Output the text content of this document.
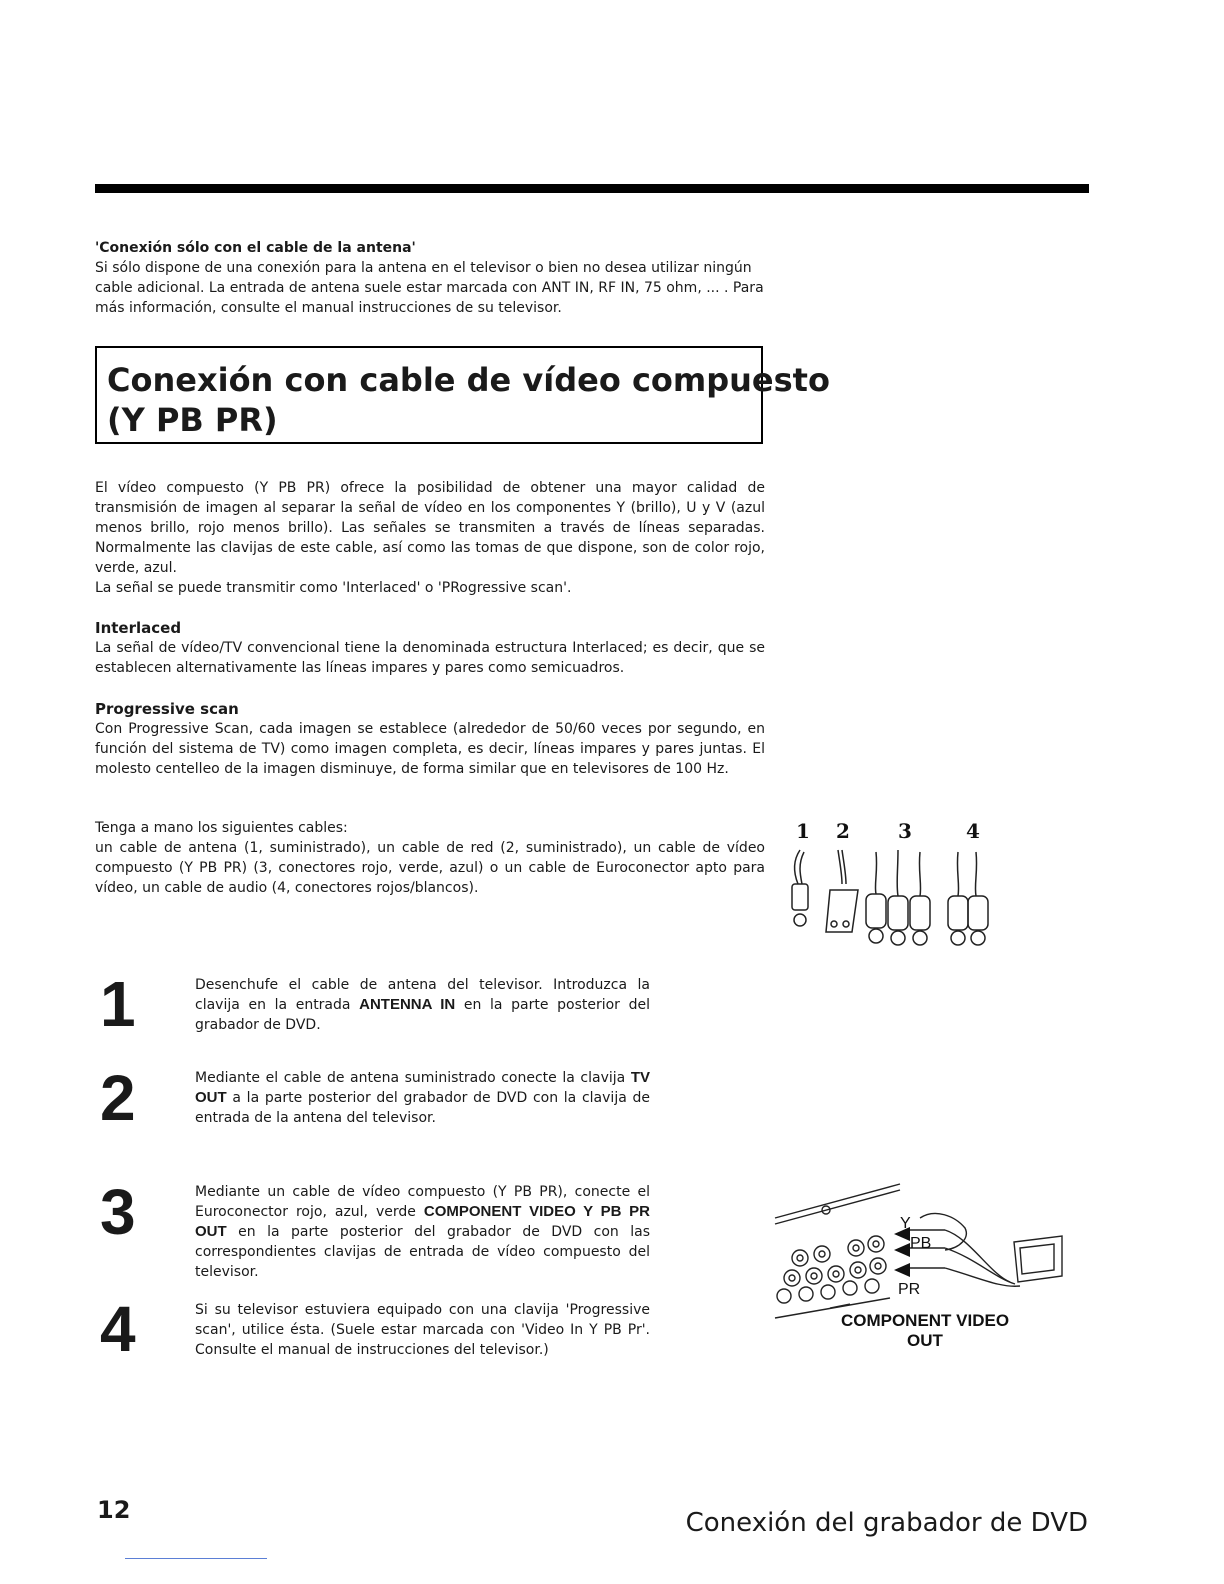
'Conexión sólo con el cable de la antena'
Si sólo dispone de una conexión para la antena en el televisor o bien no desea utilizar ningún cable adicional. La entrada de antena suele estar marcada con ANT IN, RF IN, 75 ohm, ... . Para más información, consulte el manual instrucciones de su televisor.
Conexión con cable de vídeo compuesto
(Y PB PR)
El vídeo compuesto (Y PB PR) ofrece la posibilidad de obtener una mayor calidad de transmisión de imagen al separar la señal de vídeo en los componentes Y (brillo), U y V (azul menos brillo, rojo menos brillo). Las señales se transmiten a través de líneas separadas. Normalmente las clavijas de este cable, así como las tomas de que dispone, son de color rojo, verde, azul.
La señal se puede transmitir como 'Interlaced' o 'PRogressive scan'.
Interlaced
La señal de vídeo/TV convencional tiene la denominada estructura Interlaced; es decir, que se establecen alternativamente las líneas impares y pares como semicuadros.
Progressive scan
Con Progressive Scan, cada imagen se establece (alrededor de 50/60 veces por segundo, en función del sistema de TV) como imagen completa, es decir, líneas impares y pares juntas. El molesto centelleo de la imagen disminuye, de forma similar que en televisores de 100 Hz.
Tenga a mano los siguientes cables:
un cable de antena (1, suministrado), un cable de red (2, suministrado), un cable de vídeo compuesto (Y PB PR) (3, conectores rojo, verde, azul) o un cable de Euroconector apto para vídeo, un cable de audio (4, conectores rojos/blancos).
1 2 3	4
1	Desenchufe el cable de antena del televisor. Introduzca la clavija en la entrada ANTENNA IN en la parte posterior del grabador de DVD.
2	Mediante el cable de antena suministrado conecte la clavija TV OUT a la parte posterior del grabador de DVD con la clavija de entrada de la antena del televisor.
3	Mediante un cable de vídeo compuesto (Y PB PR), conecte el Euroconector rojo, azul, verde COMPONENT VIDEO Y PB PR OUT en la parte posterior del grabador de DVD con las correspondientes clavijas de entrada de vídeo compuesto del televisor.
4	Si su televisor estuviera equipado con una clavija 'Progressive scan', utilice ésta. (Suele estar marcada con 'Video In Y PB Pr'. Consulte el manual de instrucciones del televisor.)
Y
PB
PR
COMPONENT VIDEO
OUT
12	Conexión del grabador de DVD
